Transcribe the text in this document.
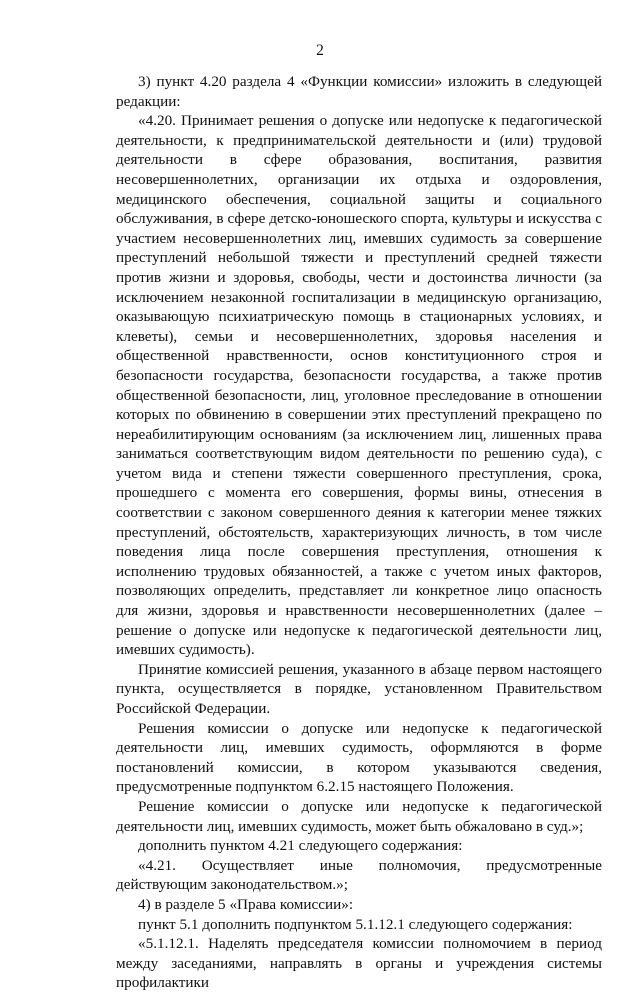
2

3) пункт 4.20 раздела 4 «Функции комиссии» изложить в следующей редакции:

«4.20. Принимает решения о допуске или недопуске к педагогической деятельности, к предпринимательской деятельности и (или) трудовой деятельности в сфере образования, воспитания, развития несовершеннолетних, организации их отдыха и оздоровления, медицинского обеспечения, социальной защиты и социального обслуживания, в сфере детско-юношеского спорта, культуры и искусства с участием несовершеннолетних лиц, имевших судимость за совершение преступлений небольшой тяжести и преступлений средней тяжести против жизни и здоровья, свободы, чести и достоинства личности (за исключением незаконной госпитализации в медицинскую организацию, оказывающую психиатрическую помощь в стационарных условиях, и клеветы), семьи и несовершеннолетних, здоровья населения и общественной нравственности, основ конституционного строя и безопасности государства, безопасности государства, а также против общественной безопасности, лиц, уголовное преследование в отношении которых по обвинению в совершении этих преступлений прекращено по нереабилитирующим основаниям (за исключением лиц, лишенных права заниматься соответствующим видом деятельности по решению суда), с учетом вида и степени тяжести совершенного преступления, срока, прошедшего с момента его совершения, формы вины, отнесения в соответствии с законом совершенного деяния к категории менее тяжких преступлений, обстоятельств, характеризующих личность, в том числе поведения лица после совершения преступления, отношения к исполнению трудовых обязанностей, а также с учетом иных факторов, позволяющих определить, представляет ли конкретное лицо опасность для жизни, здоровья и нравственности несовершеннолетних (далее – решение о допуске или недопуске к педагогической деятельности лиц, имевших судимость).

Принятие комиссией решения, указанного в абзаце первом настоящего пункта, осуществляется в порядке, установленном Правительством Российской Федерации.

Решения комиссии о допуске или недопуске к педагогической деятельности лиц, имевших судимость, оформляются в форме постановлений комиссии, в котором указываются сведения, предусмотренные подпунктом 6.2.15 настоящего Положения.

Решение комиссии о допуске или недопуске к педагогической деятельности лиц, имевших судимость, может быть обжаловано в суд.»;

дополнить пунктом 4.21 следующего содержания:

«4.21. Осуществляет иные полномочия, предусмотренные действующим законодательством.»;

4) в разделе 5 «Права комиссии»:

пункт 5.1 дополнить подпунктом 5.1.12.1 следующего содержания:

«5.1.12.1. Наделять председателя комиссии полномочием в период между заседаниями, направлять в органы и учреждения системы профилактики
